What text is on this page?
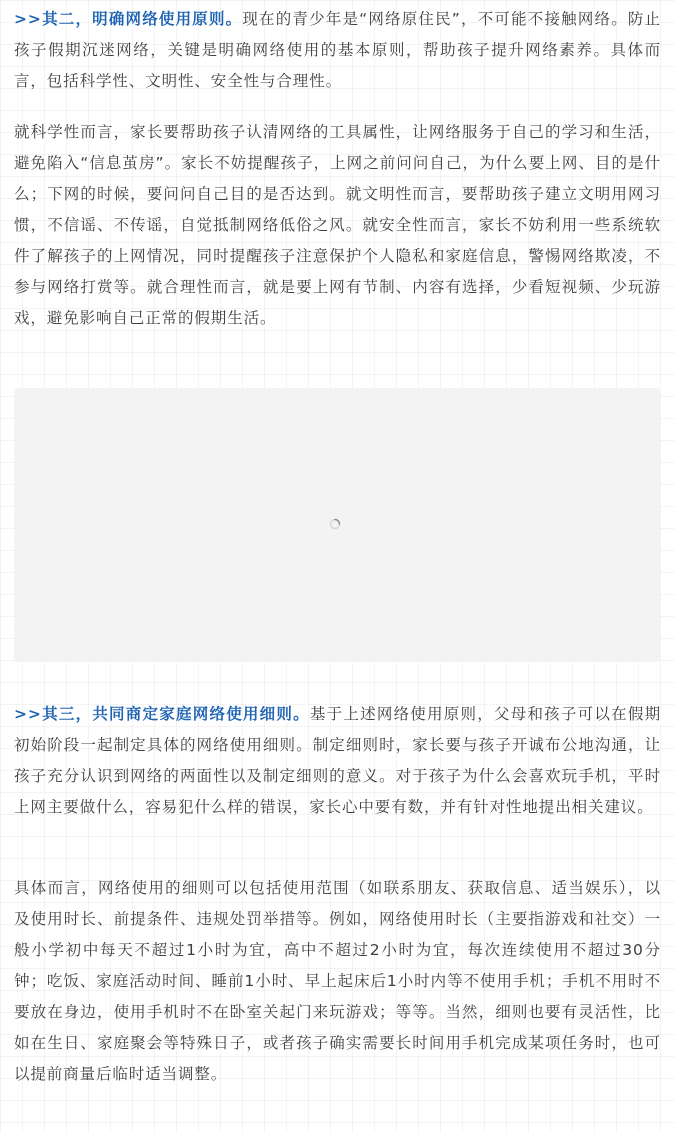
>>其二，明确网络使用原则。现在的青少年是“网络原住民”，不可能不接触网络。防止孩子假期沉迷网络，关键是明确网络使用的基本原则，帮助孩子提升网络素养。具体而言，包括科学性、文明性、安全性与合理性。

就科学性而言，家长要帮助孩子认清网络的工具属性，让网络服务于自己的学习和生活，避免陷入“信息茧房”。家长不妨提醒孩子，上网之前问问自己，为什么要上网、目的是什么；下网的时候，要问问自己目的是否达到。就文明性而言，要帮助孩子建立文明用网习惯，不信谣、不传谣，自觉抵制网络低俗之风。就安全性而言，家长不妨利用一些系统软件了解孩子的上网情况，同时提醒孩子注意保护个人隐私和家庭信息，警惕网络欺凌，不参与网络打赏等。就合理性而言，就是要上网有节制、内容有选择，少看短视频、少玩游戏，避免影响自己正常的假期生活。

>>其三，共同商定家庭网络使用细则。基于上述网络使用原则，父母和孩子可以在假期初始阶段一起制定具体的网络使用细则。制定细则时，家长要与孩子开诚布公地沟通，让孩子充分认识到网络的两面性以及制定细则的意义。对于孩子为什么会喜欢玩手机，平时上网主要做什么，容易犯什么样的错误，家长心中要有数，并有针对性地提出相关建议。

具体而言，网络使用的细则可以包括使用范围（如联系朋友、获取信息、适当娱乐），以及使用时长、前提条件、违规处罚举措等。例如，网络使用时长（主要指游戏和社交）一般小学初中每天不超过1小时为宜，高中不超过2小时为宜，每次连续使用不超过30分钟；吃饭、家庭活动时间、睡前1小时、早上起床后1小时内等不使用手机；手机不用时不要放在身边，使用手机时不在卧室关起门来玩游戏；等等。当然，细则也要有灵活性，比如在生日、家庭聚会等特殊日子，或者孩子确实需要长时间用手机完成某项任务时，也可以提前商量后临时适当调整。
